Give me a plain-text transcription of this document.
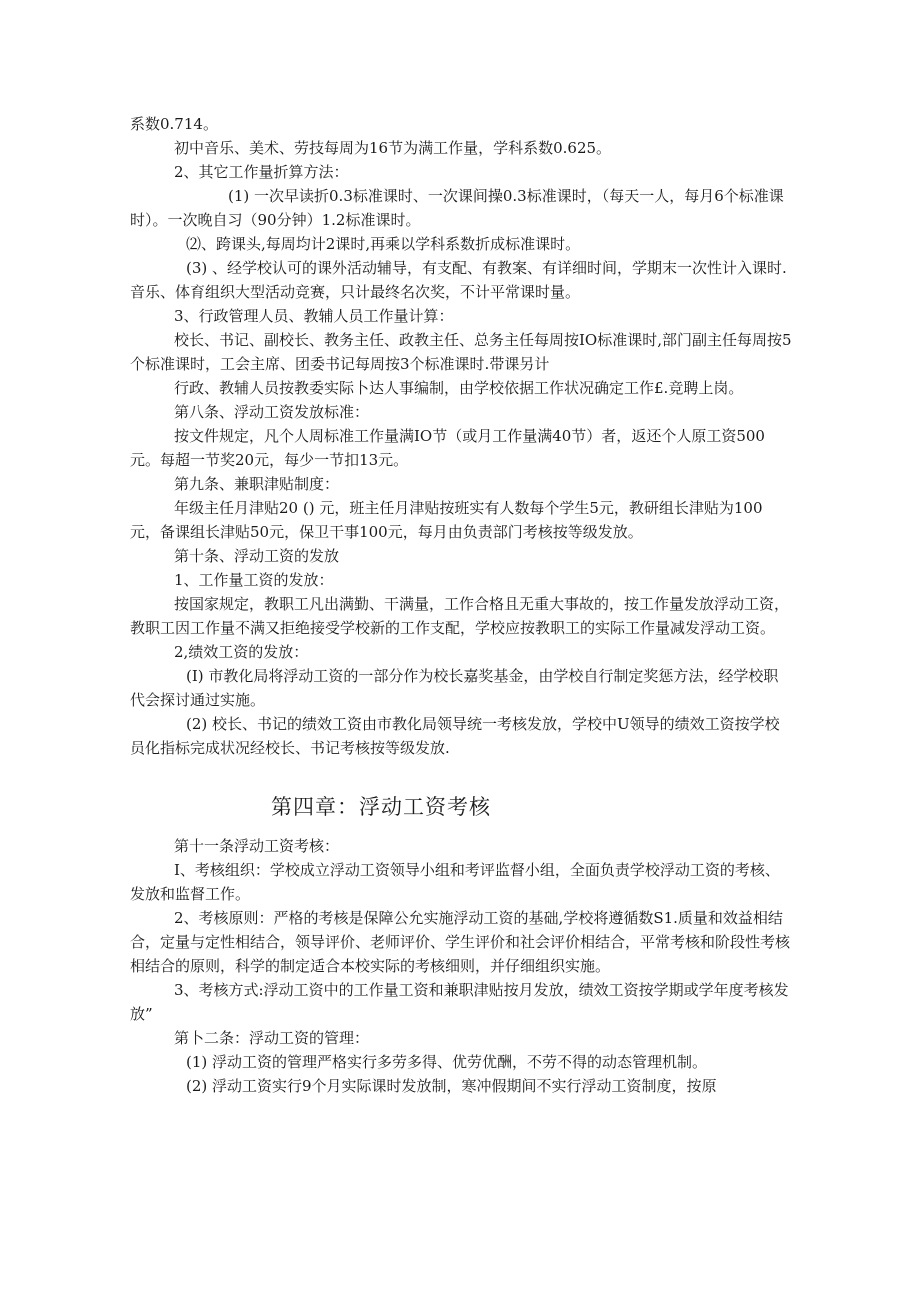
系数0.714。

初中音乐、美术、劳技每周为16节为满工作量，学科系数0.625。

2、其它工作量折算方法：

(1) 一次早读折0.3标准课时、一次课间操0.3标准课时，（每天一人，每月6个标准课时）。一次晚自习（90分钟）1.2标准课时。

⑵、跨课头,每周均计2课时,再乘以学科系数折成标准课时。

(3) 、经学校认可的课外活动辅导，有支配、有教案、有详细时间，学期末一次性计入课时.音乐、体育组织大型活动竞赛，只计最终名次奖，不计平常课时量。

3、行政管理人员、教辅人员工作量计算：

校长、书记、副校长、教务主任、政教主任、总务主任每周按IO标准课时,部门副主任每周按5个标准课时，工会主席、团委书记每周按3个标准课时.带课另计

行政、教辅人员按教委实际卜达人事编制，由学校依据工作状况确定工作£.竞聘上岗。

第八条、浮动工资发放标准：

按文件规定，凡个人周标准工作量满IO节（或月工作量满40节）者，返还个人原工资500元。每超一节奖20元，每少一节扣13元。

第九条、兼职津贴制度：

年级主任月津贴20 () 元，班主任月津贴按班实有人数每个学生5元，教研组长津贴为100元，备课组长津贴50元，保卫干事100元，每月由负责部门考核按等级发放。

第十条、浮动工资的发放

1、工作量工资的发放：

按国家规定，教职工凡出满勤、干满量，工作合格且无重大事故的，按工作量发放浮动工资，教职工因工作量不满又拒绝接受学校新的工作支配，学校应按教职工的实际工作量减发浮动工资。

2,绩效工资的发放：

(I) 市教化局将浮动工资的一部分作为校长嘉奖基金，由学校自行制定奖惩方法，经学校职代会探讨通过实施。

(2) 校长、书记的绩效工资由市教化局领导统一考核发放，学校中U领导的绩效工资按学校员化指标完成状况经校长、书记考核按等级发放.

第四章：浮动工资考核

第十一条浮动工资考核：

I、考核组织：学校成立浮动工资领导小组和考评监督小组，全面负责学校浮动工资的考核、发放和监督工作。

2、考核原则：严格的考核是保障公允实施浮动工资的基础,学校将遵循数S1.质量和效益相结合，定量与定性相结合，领导评价、老师评价、学生评价和社会评价相结合，平常考核和阶段性考核相结合的原则，科学的制定适合本校实际的考核细则，并仔细组织实施。

3、考核方式:浮动工资中的工作量工资和兼职津贴按月发放，绩效工资按学期或学年度考核发放”

第卜二条：浮动工资的管理：

(1) 浮动工资的管理严格实行多劳多得、优劳优酬，不劳不得的动态管理机制。

(2) 浮动工资实行9个月实际课时发放制，寒冲假期间不实行浮动工资制度，按原
